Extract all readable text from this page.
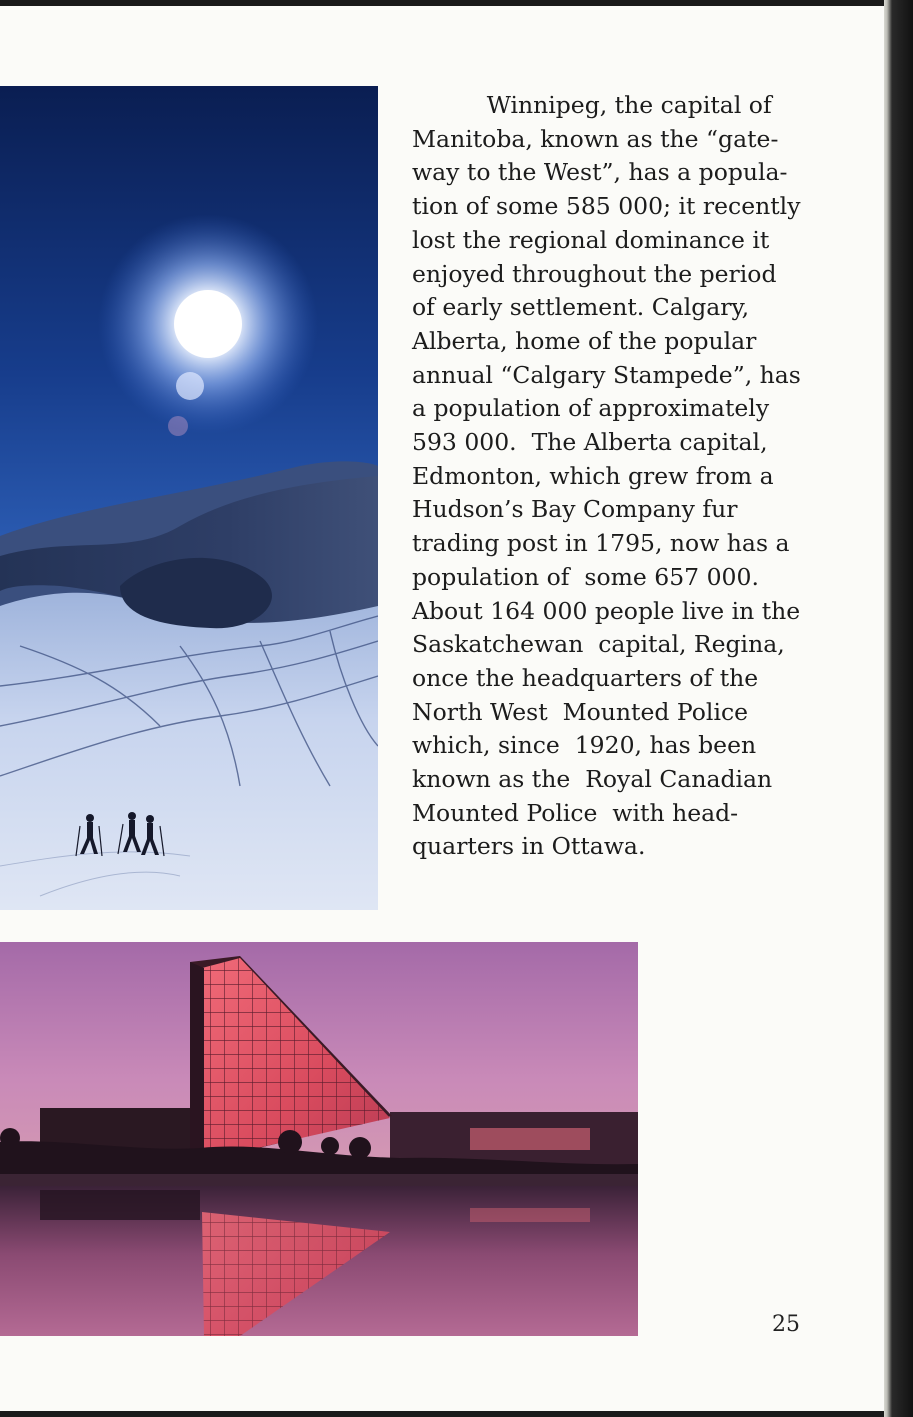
Winnipeg, the capital of
Manitoba, known as the “gate-
way to the West”, has a popula-
tion of some 585 000; it recently
lost the regional dominance it
enjoyed throughout the period
of early settlement. Calgary,
Alberta, home of the popular
annual “Calgary Stampede”, has
a population of approximately
593 000.  The Alberta capital,
Edmonton, which grew from a
Hudson’s Bay Company fur
trading post in 1795, now has a
population of  some 657 000.
About 164 000 people live in the
Saskatchewan  capital, Regina,
once the headquarters of the
North West  Mounted Police
which, since  1920, has been
known as the  Royal Canadian
Mounted Police  with head-
quarters in Ottawa.

25
